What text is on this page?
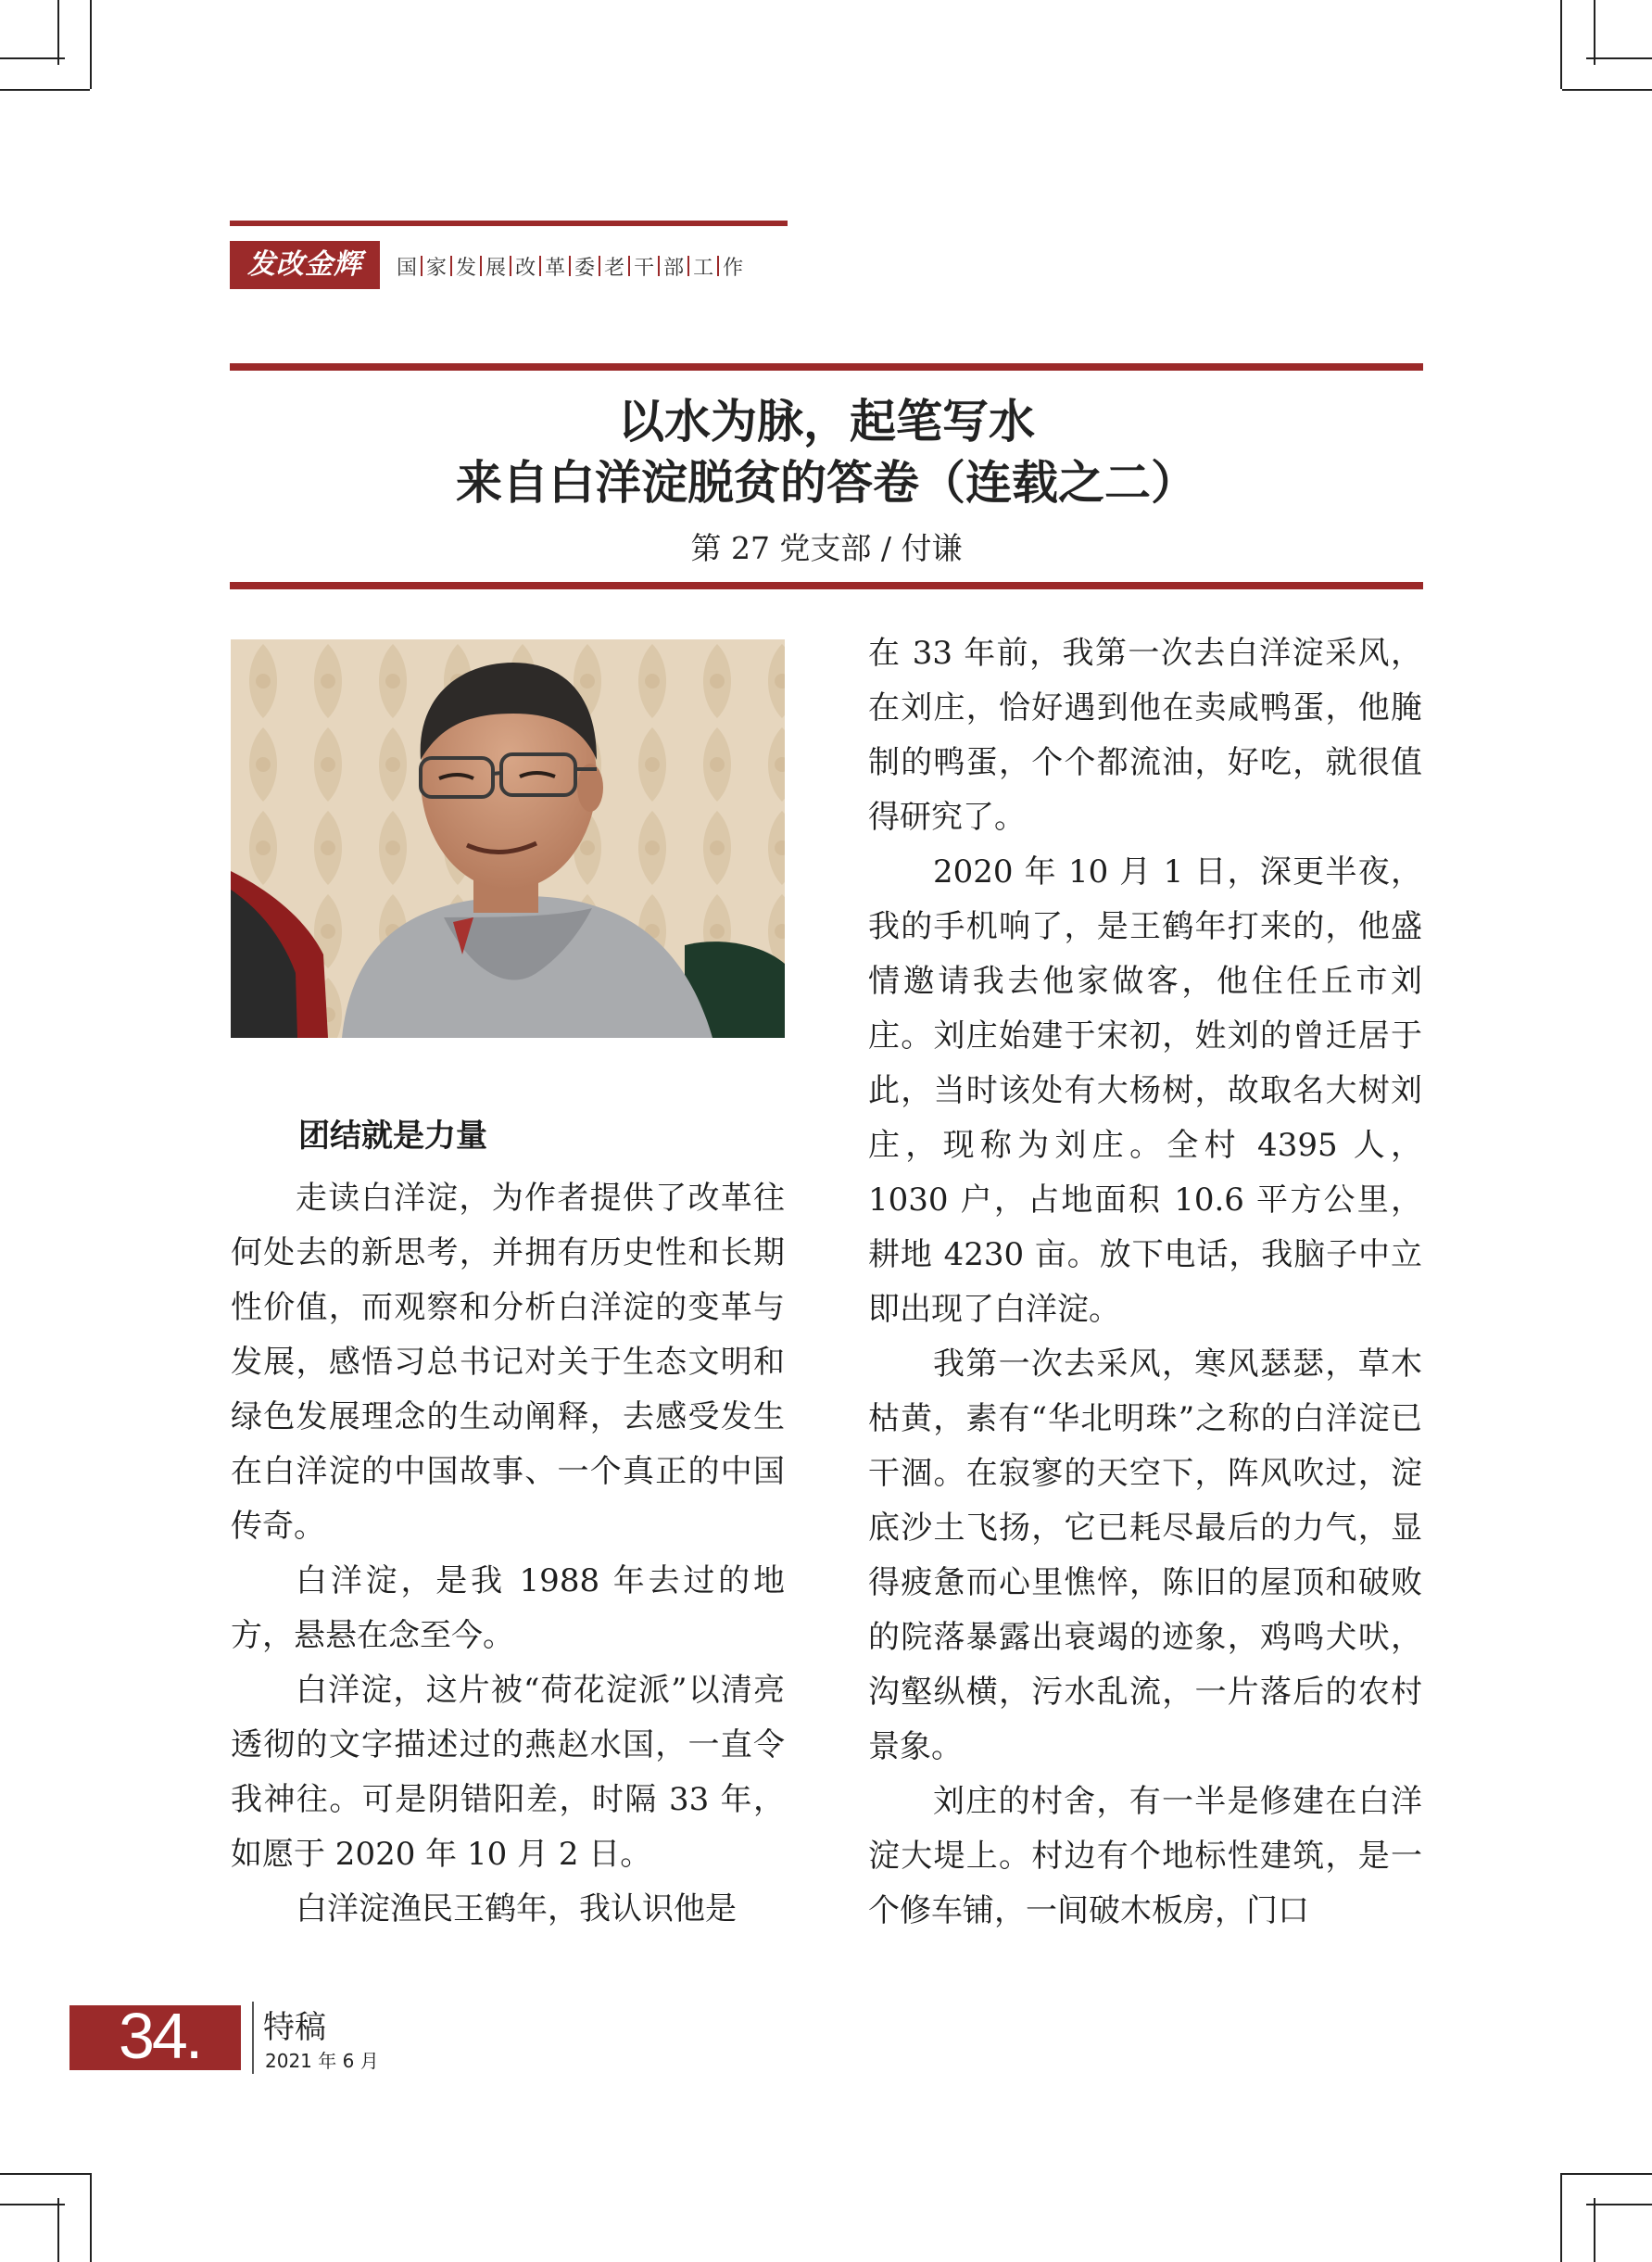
发改金辉	国 家 发 展 改 革 委 老 干 部 工 作
以水为脉，起笔写水
来自白洋淀脱贫的答卷（连载之二）
第 27 党支部 / 付谦
团结就是力量

走读白洋淀，为作者提供了改革往何处去的新思考，并拥有历史性和长期性价值，而观察和分析白洋淀的变革与发展，感悟习总书记对关于生态文明和绿色发展理念的生动阐释，去感受发生在白洋淀的中国故事、一个真正的中国传奇。

白洋淀，是我 1988 年去过的地方，悬悬在念至今。

白洋淀，这片被“荷花淀派”以清亮透彻的文字描述过的燕赵水国，一直令我神往。可是阴错阳差，时隔 33 年，如愿于 2020 年 10 月 2 日。

白洋淀渔民王鹤年，我认识他是

在 33 年前，我第一次去白洋淀采风，在刘庄，恰好遇到他在卖咸鸭蛋，他腌制的鸭蛋，个个都流油，好吃，就很值得研究了。

2020 年 10 月 1 日，深更半夜，我的手机响了，是王鹤年打来的，他盛情邀请我去他家做客，他住任丘市刘庄。刘庄始建于宋初，姓刘的曾迁居于此，当时该处有大杨树，故取名大树刘庄，现称为刘庄。全村 4395 人，1030 户，占地面积 10.6 平方公里，耕地 4230 亩。放下电话，我脑子中立即出现了白洋淀。

我第一次去采风，寒风瑟瑟，草木枯黄，素有“华北明珠”之称的白洋淀已干涸。在寂寥的天空下，阵风吹过，淀底沙土飞扬，它已耗尽最后的力气，显得疲惫而心里憔悴，陈旧的屋顶和破败的院落暴露出衰竭的迹象，鸡鸣犬吠，沟壑纵横，污水乱流，一片落后的农村景象。

刘庄的村舍，有一半是修建在白洋淀大堤上。村边有个地标性建筑，是一个修车铺，一间破木板房，门口

34. 特稿
2021 年 6 月
